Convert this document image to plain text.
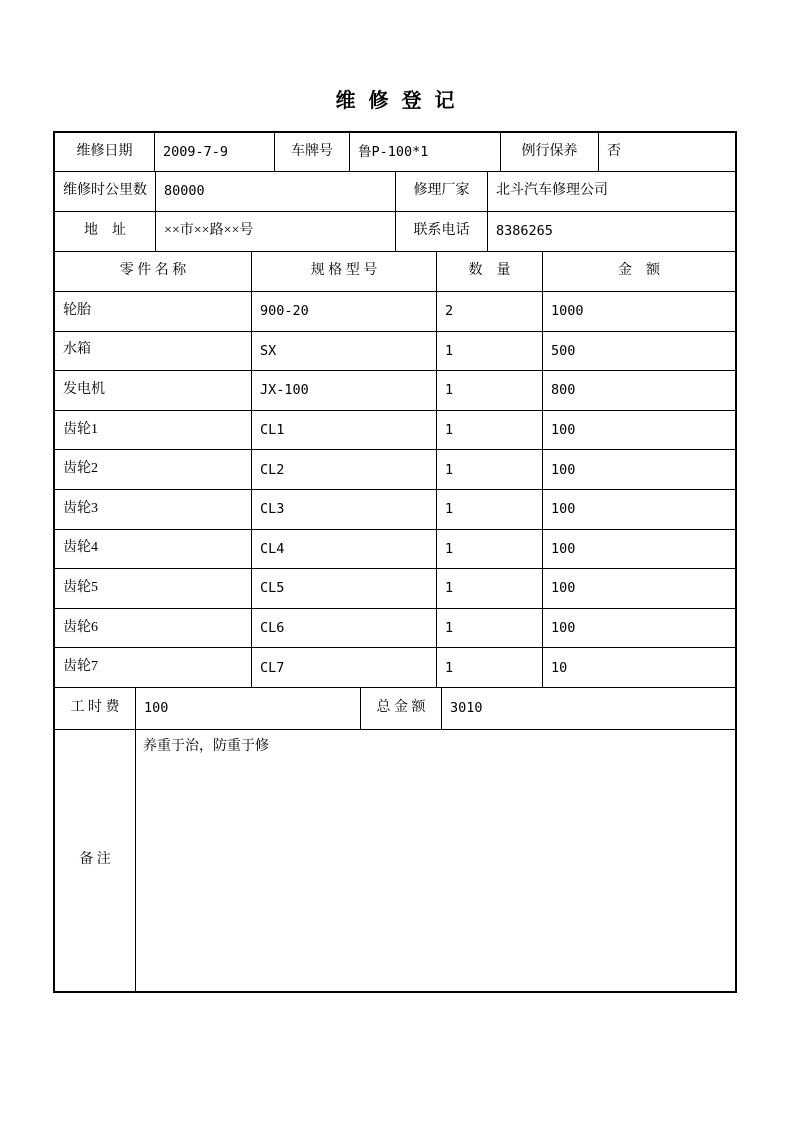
维 修 登 记
维修日期	2009-7-9	车牌号	鲁P-100*1	例行保养	否
维修时公里数	80000	修理厂家	北斗汽车修理公司
地　址	××市××路××号	联系电话	8386265
零 件 名 称	规 格 型 号	数　量	金　额
轮胎	900-20	2	1000
水箱	SX	1	500
发电机	JX-100	1	800
齿轮1	CL1	1	100
齿轮2	CL2	1	100
齿轮3	CL3	1	100
齿轮4	CL4	1	100
齿轮5	CL5	1	100
齿轮6	CL6	1	100
齿轮7	CL7	1	10
工 时 费	100	总 金 额	3010
备 注
养重于治，防重于修
